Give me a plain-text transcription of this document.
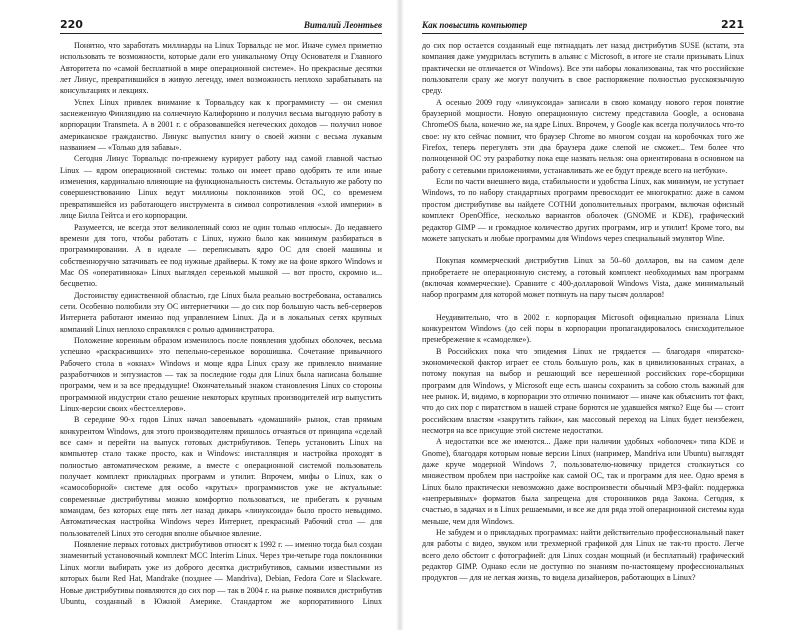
220	Виталий Леонтьев

Понятно, что заработать миллиарды на Linux Торвальдс не мог. Иначе сумел приметно использовать те возможности, которые дали его уникальному Отцу Основателя и Главного Авторитета по «самой бесплатной в мире операционной системе». Но прекрасные десятки лет Линус, превратившийся в живую легенду, имел возможность неплохо зарабатывать на консультациях и лекциях.

Успех Linux привлек внимание к Торвальдсу как к программисту — он сменил заснеженную Финляндию на солнечную Калифорнию и получил весьма выгодную работу в корпорации Transmeta. А в 2001 г. с образовавшейся негеческих доходов — получил новое американское гражданство. Линукс выпустил книгу о своей жизни с весьма лукавым названием — «Только для забавы».

Сегодня Линус Торвальдс по-прежнему курирует работу над самой главной частью Linux — ядром операционной системы: только он имеет право одобрять те или иные изменения, кардинально влияющие на функциональность системы. Остальную же работу по совершенствованию Linux ведут миллионы поклонников этой ОС, со временем превратившейся из работающего инструмента в символ сопротивления «злой империи» в лице Билла Гейтса и его корпорации.

Разумеется, не всегда этот великолепный союз не один только «плюсы». До недавнего времени для того, чтобы работать с Linux, нужно было как минимум разбираться в программировании. А в идеале — переписывать ядро ОС для своей машины и собственноручно затачивать ее под нужные драйверы. К тому же на фоне яркого Windows и Mac OS «оперативнока» Linux выглядел серенькой мышкой — вот просто, скромно и... бесцветно.

Достоинству единственной областью, где Linux была реально востребована, оставались сети. Особенно полюбили эту ОС интернетчики — до сих пор большую часть веб-серверов Интернета работают именно под управлением Linux. Да и в локальных сетях крупных компаний Linux неплохо справлялся с ролью администратора.

Положение коренным образом изменилось после появления удобных оболочек, весьма успешно «раскрасивших» это пепельно-серенькое ворошишка. Сочетание привычного Рабочего стола в «окнах» Windows и моще ядра Linux сразу же привлекло внимание разработчиков и энтузиастов — так за последние годы для Linux была написана большие программ, чем и за все предыдущие! Окончательный знаком становления Linux со стороны программной индустрии стало решение некоторых крупных производителей игр выпустить Linux-версии своих «бестселлеров».

В середине 90-х годов Linux начал завоевывать «домашний» рынок, став прямым конкурентом Windows, для этого производителям пришлось отчаяться от принципа «сделай все сам» и перейти на выпуск готовых дистрибутивов. Теперь установить Linux на компьютер стало также просто, как и Windows: инсталляция и настройка проходят в полностью автоматическом режиме, а вместе с операционной системой пользователь получает комплект прикладных программ и утилит. Впрочем, мифы о Linux, как о «самособорной» системе для особо «крутых» программистов уже не актуальные: современные дистрибутивы можно комфортно пользоваться, не прибегать к ручным командам, без которых еще пять лет назад дикарь «линуксоида» было просто невыдимо. Автоматическая настройка Windows через Интернет, прекрасный Рабочий стол — для пользователей Linux это сегодня вполне обычное явление.

Появление первых готовых дистрибутивов относят к 1992 г. — именно тогда был создан знаменитый установочный комплект MCC Interim Linux. Через три-четыре года поклонники Linux могли выбирать уже из доброго десятка дистрибутивов, самыми известными из которых были Red Hat, Mandrake (позднее — Mandriva), Debian, Fedora Core и Slackware. Новые дистрибутивы появляются до сих пор — так в 2004 г. на рынке появился дистрибутив Ubuntu, созданный в Южной Америке. Стандартом же корпоративного Linux

Как повысить компьютер	221

до сих пор остается созданный еще пятнадцать лет назад дистрибутив SUSE (кстати, эта компания даже умудрилась вступить в альянс с Microsoft, в итоге не стали призывать Linux практически не отличается от Windows). Все эти наборы локализованы, так что российские пользователи сразу же могут получить в свое распоряжение полностью русскоязычную среду.

А осенью 2009 году «линуксоида» записали в свою команду нового героя понятие браузерной мощности. Новую операционную систему представила Google, а основана ChromeOS была, конечно же, на ядре Linux. Впрочем, у Google как всегда получилось что-то свое: ну кто сейчас помнит, что браузер Chrome во многом создан на коробочках того же Firefox, теперь перегулять эти два браузера даже слепой не сможет... Тем более что полноценной ОС эту разработку пока еще назвать нельзя: она ориентирована в основном на работу с сетевыми приложениями, устанавливать же ее будут прежде всего на нетбуки».

Если по части внешнего вида, стабильности и удобства Linux, как минимум, не уступает Windows, то по набору стандартных программ превосходит ее многократно: даже в самом простом дистрибутиве вы найдете СОТНИ дополнительных программ, включая офисный комплект OpenOffice, несколько вариантов оболочек (GNOME и KDE), графический редактор GIMP — и громадное количество других программ, игр и утилит! Кроме того, вы можете запускать и любые программы для Windows через специальный эмулятор Wine.

Покупая коммерческий дистрибутив Linux за 50–60 долларов, вы на самом деле приобретаете не операционную систему, а готовый комплект необходимых вам программ (включая коммерческие). Сравните с 400-долларовой Windows Vista, даже минимальный набор программ для которой может потянуть на пару тысяч долларов!

Неудивительно, что в 2002 г. корпорация Microsoft официально признала Linux конкурентом Windows (до сей поры в корпорации пропагандировалось снисходительное пренебрежение к «самоделке»).

В Российских пока что эпидемия Linux не грядается — благодаря «пиратско-экономической фактор играет ее столь большую роль, как в цивилизованных странах, а потому покупая на выбор и решающий все нерешенной российских горе-сборщики программ для Windows, у Microsoft еще есть шансы сохранить за собою столь важный для нее рынок. И, видимо, в корпорации это отлично понимают — иначе как объяснить тот факт, что до сих пор с пиратством в нашей стране борются не удавшейся мягко? Еще бы — стоит российским властям «закрутить гайки», как массовый переход на Linux будет неизбежен, несмотря на все присущие этой системе недостатки.

А недостатки все же имеются... Даже при наличии удобных «оболочек» типа KDE и Gnome), благодаря которым новые версии Linux (например, Mandriva или Ubuntu) выглядят даже круче модерной Windows 7, пользователю-новичку придется столкнуться со множеством проблем при настройке как самой ОС, так и программ для нее. Одно время в Linux было практически невозможно даже воспроизвести обычный MP3-файл: поддержка «непрерывных» форматов была запрещена для сторонников ряда Закона. Сегодня, к счастью, в задачах и в Linux решаемыми, и все же для ряда этой операционной системы куда меньше, чем для Windows.

Не забудем и о прикладных программах: найти действительно профессиональный пакет для работы с видео, звуком или трехмерной графикой для Linux не так-то просто. Легче всего дело обстоит с фотографией: для Linux создан мощный (и бесплатный) графический редактор GIMP. Однако если не доступно по знаниям по-настоящему профессиональных продуктов — для не легкая жизнь, то видела дизайнеров, работающих в Linux?
